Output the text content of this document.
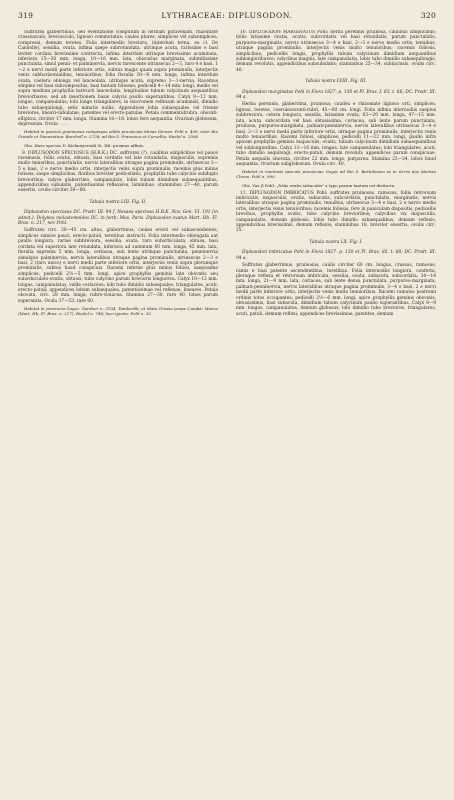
319	LYTHRACEAE: DIPLUSODON.	320

Suffrutex glaberrimus, sed eventatione computum in herbam paravenam, rhizomate crassiusculo, breviusculo, lignoso commutatus; caules plures, simplices vel subsimplices, compressi, demum teretes. Folia intermedio breviora, (interdum terna, ex cl. De Candolle), sessilia, ovata, infima saepe subrotundata, utrinque acuta, rarissime e basi leviter cordata brevissime contracta, infima interdum utrinque brevissime acuminata, inferiora 15—30 mm. longa, 10—16 mm. lata, obscurius marginata, submitissime punctulata, simul penni- et palminervia, nervis rarescente utrinsecus 2—3, raro 4 e basi, 1—2 e nervi medii parte inferiore ortis, subtus magis quam supra prominulis, interjectis venis subhorizontalibus, tenuioribus; folia floralia 30—8 mm. longa, infima interdum ovata, caetera oblonga vel lanceolata, utrinque acuta, supremo 3—1-nervia. Racemus simplex vel basi subcomposítus, basi tantum foliosus; pedicelli 4—14 mm. longi, medio vel supra medium prophyllis instructi lanceolatis, longitudine tubum calycinum aequantibus breviorbusve, sed ab insertionem basis calycis paullo superantibus. Calyx 8—12 mm. longus, campanulatus; lobi longe triangulares, in mucronem reflexum acuminati, dimidio tubo subaequilongi, setis minutis nullis. Appendices lobis subaequales vel triente breviores, lineari-subulatae, patentes vel erecto-patulae. Petala commentulrubra, obovati-elliptica, circiter 17 mm. longa. Stamina 16—18, lobos fere aequantia. Ovarium globosum, depressum. Ovula . . . .

Habitat in pascuis graminosis campisque editis provinciae Minas Geraes: Pohl n. 499; inter Rio Grande et Diamantina: Burchell n. 5728; ad Rio S. Francisco et Curvelho: Riedel n. 2580.

Obs. Haec species D. Kielmeyeroidi St. Hil. proxime affinis.

9. DIPLUSODON SPECIOSUS (H.B.K.) DC. suffrutex (?), caulibus simplicibus vel pauce racemosis, foliis ovatis, obtusis, basi cordatis vel late rotundatis, majusculis, supremis multo minoribus, punctulatis, nervis lateralibus utraque pagina prominulis, utrinsecus 3—5 e basi, 2 e nervo medio ortis, interjectis venis supra prominulis, racemis plus minus foliosis, saepe simplicibus, floribus breviter pedicellatis, prophyllis tube calycino subduplo brevioribus, calyce glaberrimo, campanulato, lobis tubum dimidium subaequantibus, appendiciibus subulatis, patentissimis reflexisve, laminibus; staminibus 27—40, parum exsertis, ovulis circiter 30—60.

Tabula nostra LIII. Fig. II.

Diplusodon speciosus DC. Prodr. III. 94 f. Nesaea speciosa H.B.K. Nov. Gen. VI. 191 (in adnot.). Dolynea melastomoides DC. in herb. Mus. Paris. Diplusodon ovatus Mart. Hb. Fl. Bras. n. 217, nec Pohl.

Suffrutex circ. 30—45 cm. altus, glaberrimus; caules erecti vel subascendentes, simplices ramive pauci, erecto-patuli, teretibus instructi. Folia intermedio oblongata aut paullo longiora, rariae subbreviora, sessilia, ovata, raro suborbiculata, obtusa, basi cordata vel superiora late rotundata, inferiora ad summum 60 mm. longa, 45 mm. lata, floralia suprema 5 mm. longa, coriacea, sub lente utrinque punctulata, penninervia simulque palminervia, nervis lateralibus utraque pagina prominulis, utrinsecus 2—3 e basi, 2 (raro unico) e nervi medii parte inferiore ortis, interjectis venis supra plerumque prominulis, subtus haud conspicuis. Racemi inferne plus minus foliosi, saepissime simplices; pedicelli 2½—5 mm. longi, apice prophyllis geminis late obovatis seu suborbiculato-ovatis, obtusis, tubo calycino parum brevioris longioriva. Calyx 10—12 mm. longus, campanulatus, valde coriaceus; lobi tubo dimidio subaequales, triangulares, acuti, erecto-patuli; appendices lobum subaequales, patentissimae vel reflexae, lineares. Petala obovata, circ. 28 mm. longa, rubro-violacea. Stamina 27—36, raro 40, lobos parum superantia. Ovula 37—53, rare 60.

Habitat in provincia Goyaz: Gardner n. 3154, Tamberlik; et Mato Grosso prope Cuiabá: Manso (Mart. Hb. Fl. Bras. n. 217), Riedel n. 748; loco ignoto: Pohl n. 33.

10. DIPLUSODON MARGINATUS Pohl: herba perennis pruinosa, caulibus simplicibus; foliis latissime ovatis, acutis, subcordatis vel basi rotundatis, parum punctulatis, purpureo-marginatis, nervis utrinsecus 3—4 e basi, 2—3 e nervo medio ortis, tenuibus, utraque pagina prominulis, interjectis venis multo tenuioribus; racemis foliosis, simplicibus, pedicellis longis, prophyllis tubum calycinum dimidium aequantibus sublongioribusve; calycibus magnis, late campanulatis, lobis tubo dimidio subaequilongis, demum revolutis, appendicibus subsubulatis; staminibus 25—34, subinclusis, ovulis circ. 40.

Tabula nostra LVIII. Fig. III.

Diplusodon marginatus Pohl in Flora 1827. p. 150 et Pl. Bras. I. 83. t. 66; DC. Prodr. III. 94 a.

Herba perennis, glaberrima, pruinosa; caudex e rhizomate lignoso orti, simplices, lignosi, teretes, coeruleoscenti-rubri, 45—60 cm. longi. Folia infima internodiis saepius subbreviora, cetera longiora, sessilia, latissime ovata, 63—20 mm. longa, 47—15 mm. lata, acuta, subcordata vel basi obtusissima, coriacea, sub lente parum punctulata, pruinosa, purpureo-marginata, palmati-penninervia, nervis lateralibus utrinsecus 3—4 e basi, 2—3 e nervi medii parte inferiore ortis, utraque pagina prominulis, interjectis venis multo tenuioribus. Racemi foliosi, simplices; pedicelli 11—22 mm. longi, paullo infra apicem prophyllis geminis majusculis, ovatis, tubum calycinum dimidium subaequantibus vel sublongioribus. Calyx 13—16 mm. longus, late campanulatus; lobi triangulares, acuti, tubo dimidio aequilongi, erecto-patuli, demum revoluti; appendices parum conspicuae. Petala aequalis obovata, circiter 22 mm. longa, purpurea. Stamina 25—34, lobos haud aequantia. Ovarium subglobosum. Ovula circ. 40.

Habitat in montosis pascuis provinciae Goyaz ad Rio S. Bartolomeo et in Serra dos Montes Claros: Pohl n. 990.

Obs. Var. β Pohl: „foliis ovatis subacutis" a typo parum tantum est distincta.

11. DIPLUSODON IMBRICATUS Pohl: suffrutex pruinosus, ramosus, foliis retrorsum imbricatis, majusculis, ovatis, subacutis, subcordatis, punctulatis, marginatis, nervis lateralibus utraque pagina prominulis, tenuibus, utrinsecus 3—4 e basi, 2 e nervo medio ortis, interjectis venis tenuioribus; racemis foliosis, fere in paniculam dispositis, pedicellis brevibus, prophyllis ovatis, tubo calycino brevioribus; calycibus vix majusculis, campanulatis, demum globosis, lobis tubo dimidio subaequalibus, demum reflexis, appendicibus brevissimis, demum reflexis; staminibus 18, breviter exsertis, ovulis circ. 25.

Tabula nostra LX. Fig. I.

Diplusodon imbricatus Pohl in Flora 1827. p. 150 et Pl. Bras. 85. t. 68; DC. Prodr. III. 94 a.

Suffrutex glaberrimus, pruinosus; caulis circiter 60 cm. longus, crassus, ramosus, ramis e basi patente ascendentibus, teretibus. Folia internodiis longiora, conferta, pleraque reflexa et retrorsum imbricata, sessilia, ovata, subacuta, subcordata, 34—14 mm. longa, 21—9 mm. lata, coriacea, sub lente densa punctulata, purpureo-marginata, palmati-penninervia, nervis lateralibus utraque pagina prominulis, 3—4 e basi, 2 e nervi medii parte inferiore ortis, interjectis venis multo tenuioribus. Racemi ramulos postremi ordinis totos occupantes; pedicelli 2½—6 mm. longi, apice prophyllis geminis obovatis, obtusissimis, basi subacuta, dimidium tubum calycinum paullo superantibus. Calyx 8—9 mm. longus, campanulatus, demum globosus; lobi dimidio tubo breviores, triangulares, acuti, patuli, demum reflexi; appendices brevissimae, patentes, demum
